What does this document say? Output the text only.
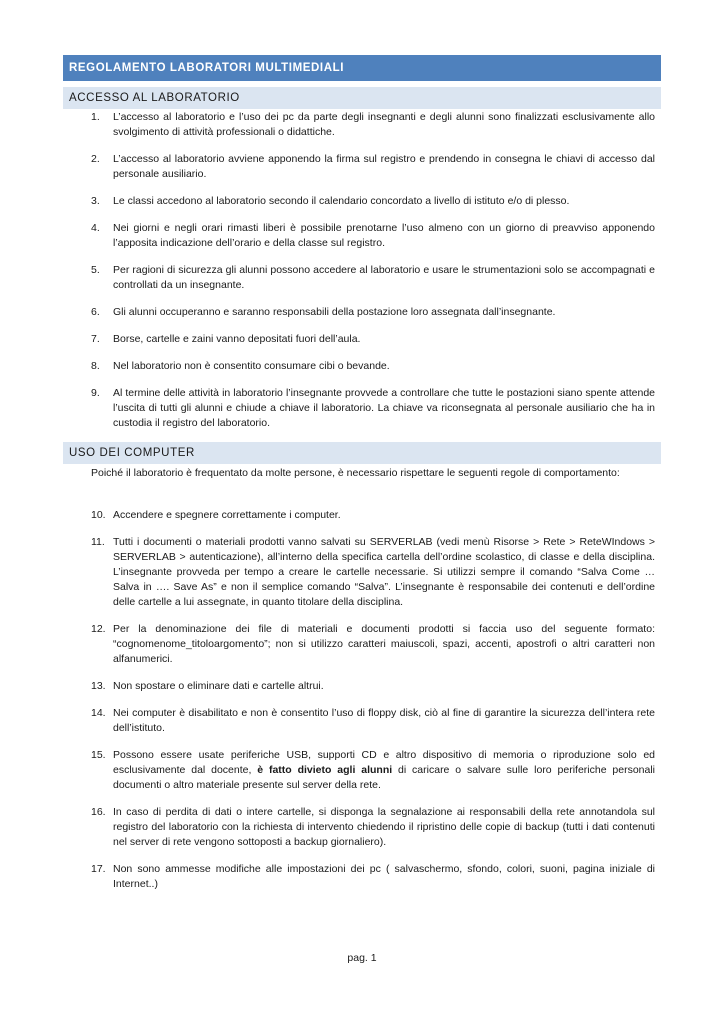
REGOLAMENTO LABORATORI MULTIMEDIALI
ACCESSO AL LABORATORIO
1. L’accesso al laboratorio e l’uso dei pc da parte degli insegnanti e degli alunni sono finalizzati esclusivamente allo svolgimento di attività professionali o didattiche.
2. L’accesso al laboratorio avviene apponendo la firma sul registro e prendendo in consegna le chiavi di accesso dal personale ausiliario.
3. Le classi accedono al laboratorio secondo il calendario concordato a livello di istituto e/o di plesso.
4. Nei giorni e negli orari rimasti liberi è possibile prenotarne l’uso almeno con un giorno di preavviso apponendo l’apposita indicazione dell’orario e della classe sul registro.
5. Per ragioni di sicurezza gli alunni possono accedere al laboratorio e usare le strumentazioni solo se accompagnati e controllati da un insegnante.
6. Gli alunni occuperanno e saranno responsabili della postazione loro assegnata dall’insegnante.
7. Borse, cartelle e zaini vanno depositati fuori dell’aula.
8. Nel laboratorio non è consentito consumare cibi o bevande.
9. Al termine delle attività in laboratorio l’insegnante provvede a controllare che tutte le postazioni siano spente attende l’uscita di tutti gli alunni e chiude a chiave il laboratorio. La chiave va riconsegnata al personale ausiliario che ha in custodia il registro del laboratorio.
USO DEI COMPUTER
Poiché il laboratorio è frequentato da molte persone, è necessario rispettare le seguenti regole di comportamento:
10. Accendere e spegnere correttamente i computer.
11. Tutti i documenti o materiali prodotti vanno salvati su SERVERLAB (vedi menù Risorse > Rete > ReteWIndows > SERVERLAB > autenticazione), all’interno della specifica cartella dell’ordine scolastico, di classe e della disciplina. L’insegnante provveda per tempo a creare le cartelle necessarie. Si utilizzi sempre il comando “Salva Come … Salva in …. Save As” e non il semplice comando “Salva”. L’insegnante è responsabile dei contenuti e dell’ordine delle cartelle a lui assegnate, in quanto titolare della disciplina.
12. Per la denominazione dei file di materiali e documenti prodotti si faccia uso del seguente formato: “cognomenome_titoloargomento”; non si utilizzo caratteri maiuscoli, spazi, accenti, apostrofi o altri caratteri non alfanumerici.
13. Non spostare o eliminare dati e cartelle altrui.
14. Nei computer è disabilitato e non è consentito l’uso di floppy disk, ciò al fine di garantire la sicurezza dell’intera rete dell’istituto.
15. Possono essere usate periferiche USB, supporti CD e altro dispositivo di memoria o riproduzione solo ed esclusivamente dal docente, è fatto divieto agli alunni di caricare o salvare sulle loro periferiche personali documenti o altro materiale presente sul server della rete.
16. In caso di perdita di dati o intere cartelle, si disponga la segnalazione ai responsabili della rete annotandola sul registro del laboratorio con la richiesta di intervento chiedendo il ripristino delle copie di backup (tutti i dati contenuti nel server di rete vengono sottoposti a backup giornaliero).
17. Non sono ammesse modifiche alle impostazioni dei pc ( salvaschermo, sfondo, colori, suoni, pagina iniziale di Internet..)
pag. 1
